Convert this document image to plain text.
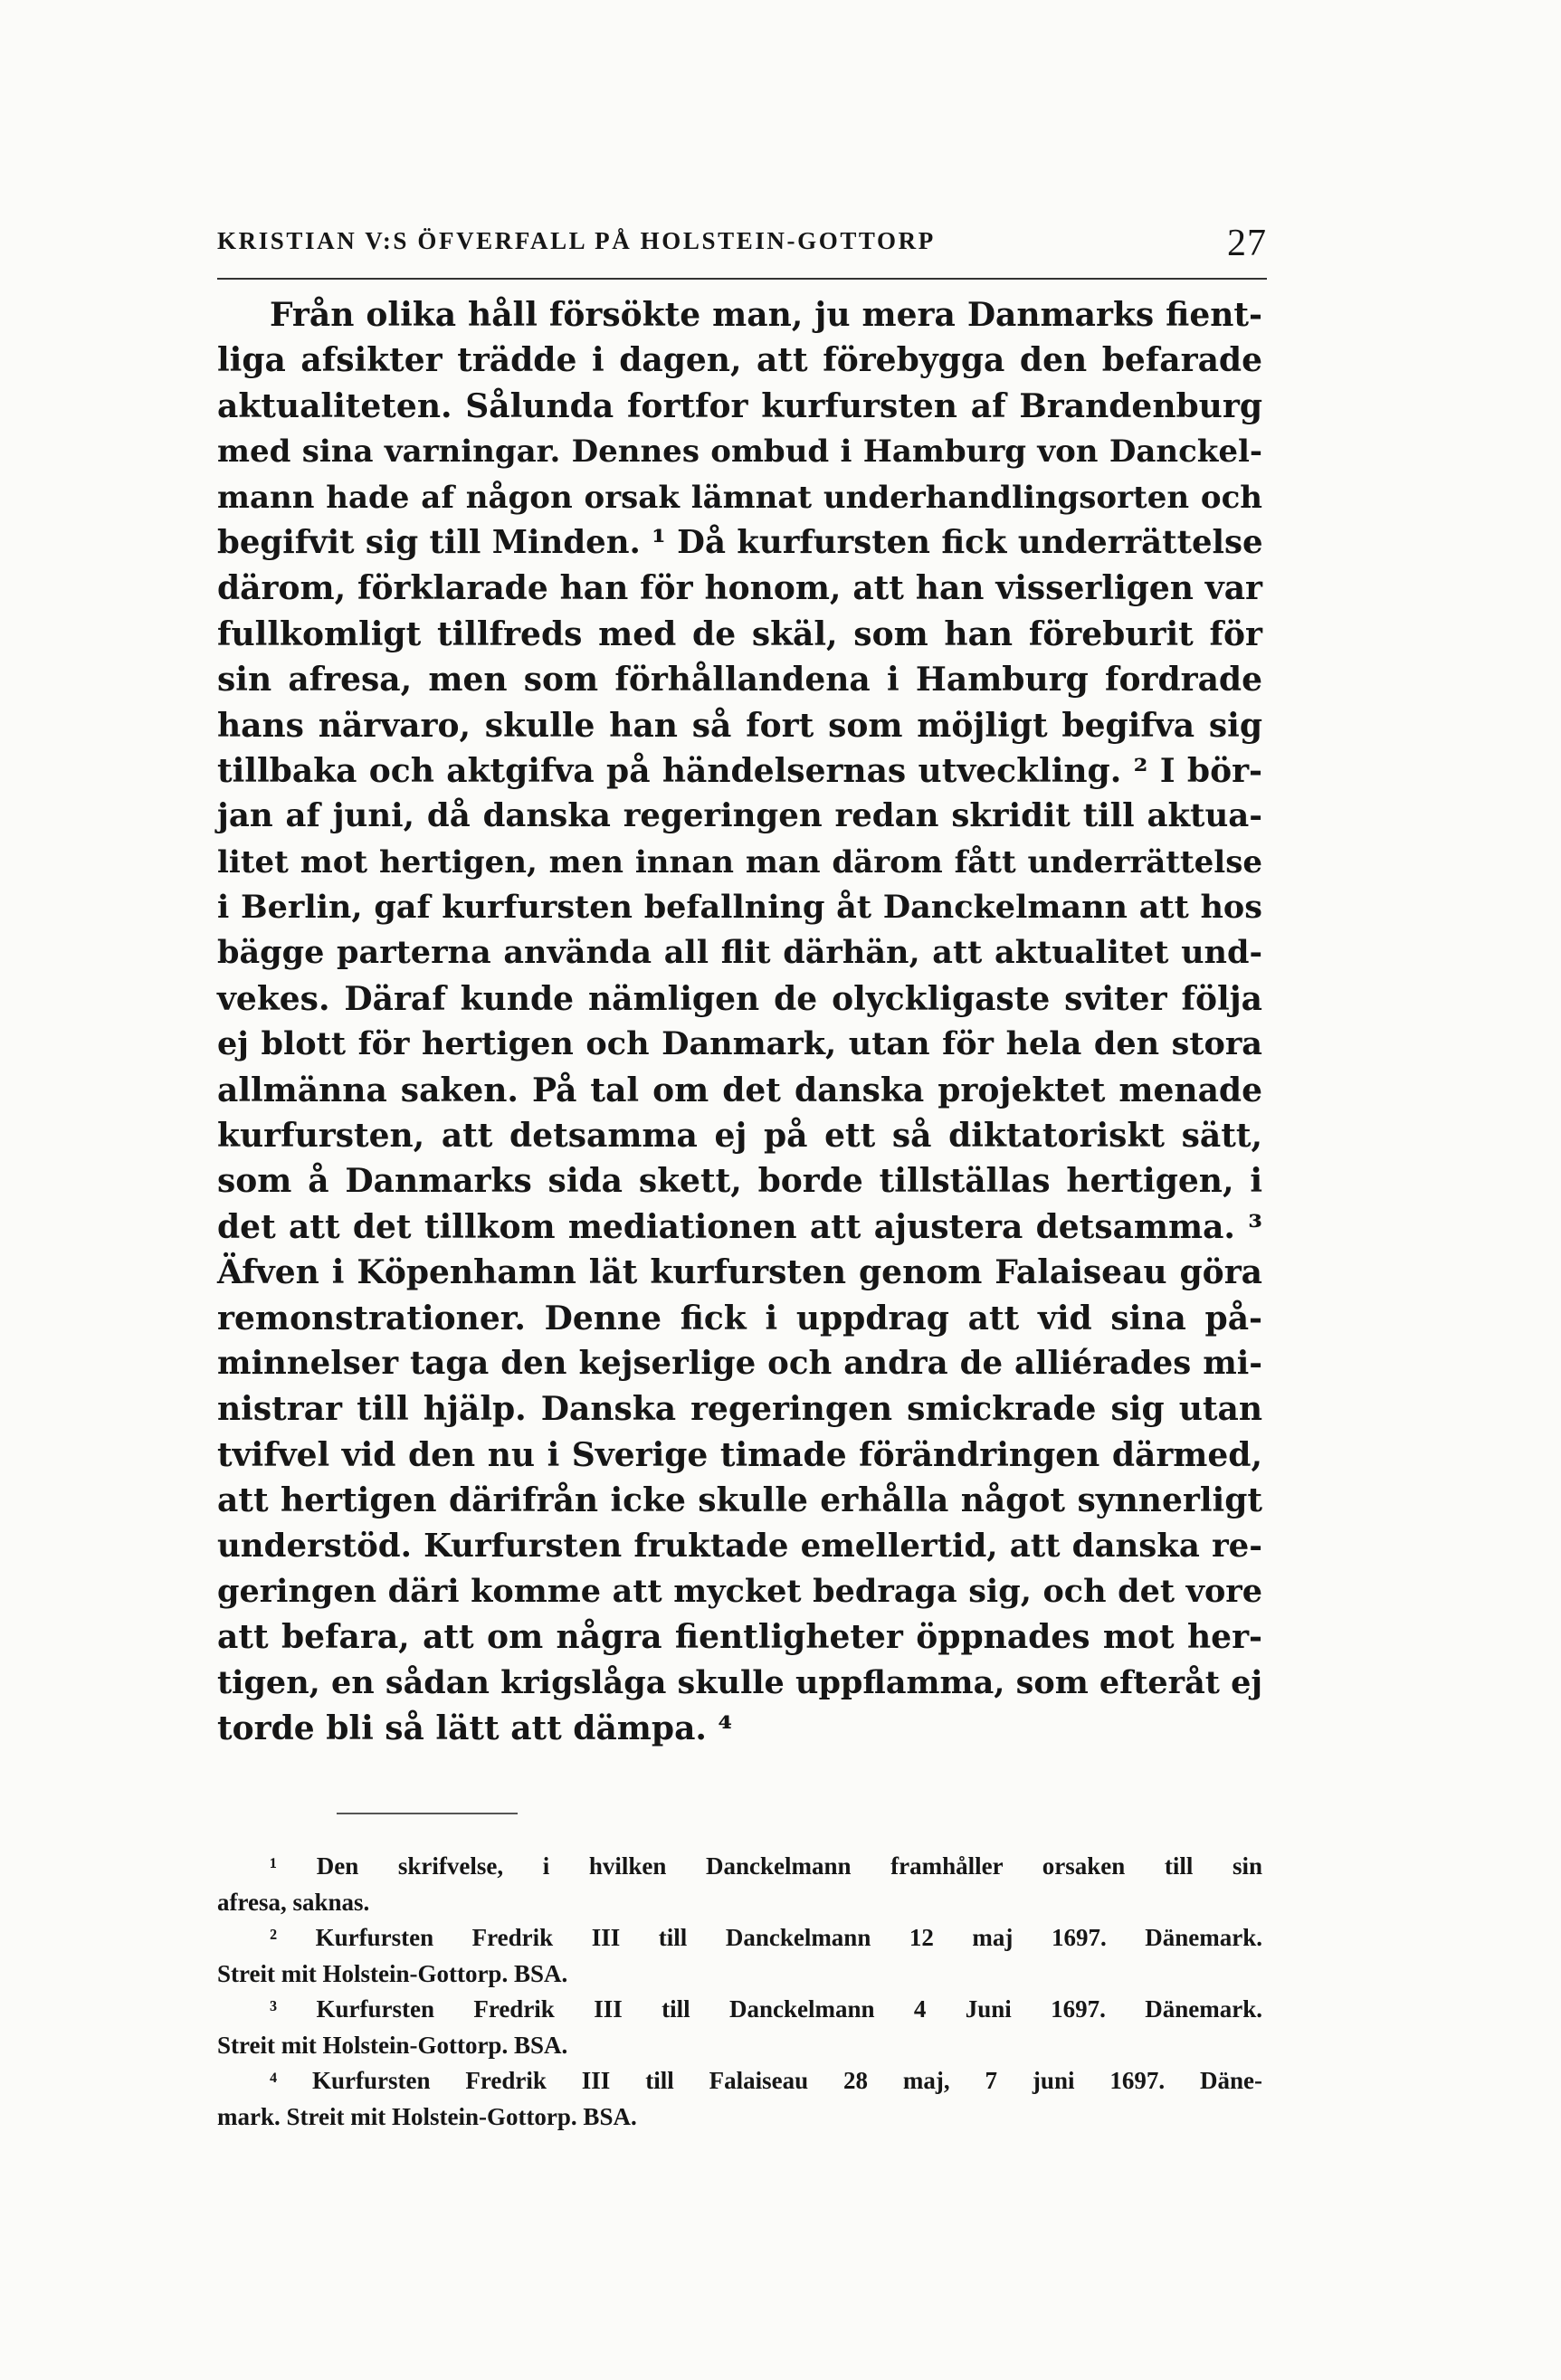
KRISTIAN V:S ÖFVERFALL PÅ HOLSTEIN-GOTTORP	27
Från olika håll försökte man, ju mera Danmarks fient-
liga afsikter trädde i dagen, att förebygga den befarade
aktualiteten. Sålunda fortfor kurfursten af Brandenburg
med sina varningar. Dennes ombud i Hamburg von Danckel-
mann hade af någon orsak lämnat underhandlingsorten och
begifvit sig till Minden. ¹ Då kurfursten fick underrättelse
därom, förklarade han för honom, att han visserligen var
fullkomligt tillfreds med de skäl, som han föreburit för
sin afresa, men som förhållandena i Hamburg fordrade
hans närvaro, skulle han så fort som möjligt begifva sig
tillbaka och aktgifva på händelsernas utveckling. ² I bör-
jan af juni, då danska regeringen redan skridit till aktua-
litet mot hertigen, men innan man därom fått underrättelse
i Berlin, gaf kurfursten befallning åt Danckelmann att hos
bägge parterna använda all flit därhän, att aktualitet und-
vekes. Däraf kunde nämligen de olyckligaste sviter följa
ej blott för hertigen och Danmark, utan för hela den stora
allmänna saken. På tal om det danska projektet menade
kurfursten, att detsamma ej på ett så diktatoriskt sätt,
som å Danmarks sida skett, borde tillställas hertigen, i
det att det tillkom mediationen att ajustera detsamma. ³
Äfven i Köpenhamn lät kurfursten genom Falaiseau göra
remonstrationer. Denne fick i uppdrag att vid sina på-
minnelser taga den kejserlige och andra de alliérades mi-
nistrar till hjälp. Danska regeringen smickrade sig utan
tvifvel vid den nu i Sverige timade förändringen därmed,
att hertigen därifrån icke skulle erhålla något synnerligt
understöd. Kurfursten fruktade emellertid, att danska re-
geringen däri komme att mycket bedraga sig, och det vore
att befara, att om några fientligheter öppnades mot her-
tigen, en sådan krigslåga skulle uppflamma, som efteråt ej
torde bli så lätt att dämpa. ⁴
¹ Den skrifvelse, i hvilken Danckelmann framhåller orsaken till sin
afresa, saknas.
² Kurfursten Fredrik III till Danckelmann 12 maj 1697. Dänemark.
Streit mit Holstein-Gottorp. BSA.
³ Kurfursten Fredrik III till Danckelmann 4 Juni 1697. Dänemark.
Streit mit Holstein-Gottorp. BSA.
⁴ Kurfursten Fredrik III till Falaiseau 28 maj, 7 juni 1697. Däne-
mark. Streit mit Holstein-Gottorp. BSA.
